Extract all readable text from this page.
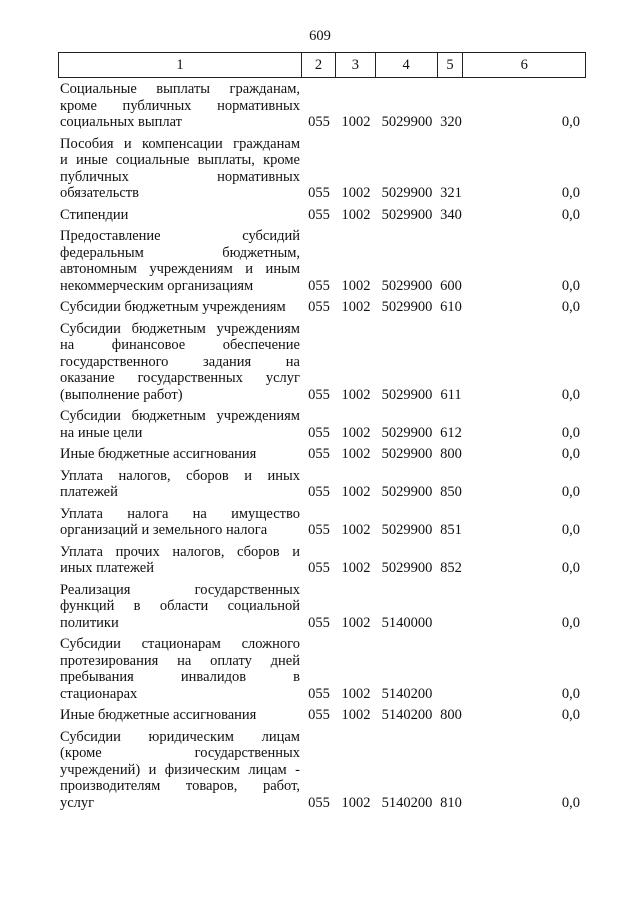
609
1	2	3	4	5	6
Социальные выплаты гражданам,
кроме публичных нормативных
социальных выплат	055 1002 5029900 320	0,0
Пособия и компенсации гражданам
и иные социальные выплаты, кроме
публичных нормативных
обязательств	055 1002 5029900 321	0,0
Стипендии	055 1002 5029900 340	0,0
Предоставление субсидий
федеральным бюджетным,
автономным учреждениям и иным
некоммерческим организациям	055 1002 5029900 600	0,0
Субсидии бюджетным учреждениям	055 1002 5029900 610	0,0
Субсидии бюджетным учреждениям
на финансовое обеспечение
государственного задания на
оказание государственных услуг
(выполнение работ)	055 1002 5029900 611	0,0
Субсидии бюджетным учреждениям
на иные цели	055 1002 5029900 612	0,0
Иные бюджетные ассигнования	055 1002 5029900 800	0,0
Уплата налогов, сборов и иных
платежей	055 1002 5029900 850	0,0
Уплата налога на имущество
организаций и земельного налога	055 1002 5029900 851	0,0
Уплата прочих налогов, сборов и
иных платежей	055 1002 5029900 852	0,0
Реализация государственных
функций в области социальной
политики	055 1002 5140000	0,0
Субсидии стационарам сложного
протезирования на оплату дней
пребывания инвалидов в
стационарах	055 1002 5140200	0,0
Иные бюджетные ассигнования	055 1002 5140200 800	0,0
Субсидии юридическим лицам
(кроме государственных
учреждений) и физическим лицам -
производителям товаров, работ,
услуг	055 1002 5140200 810	0,0
